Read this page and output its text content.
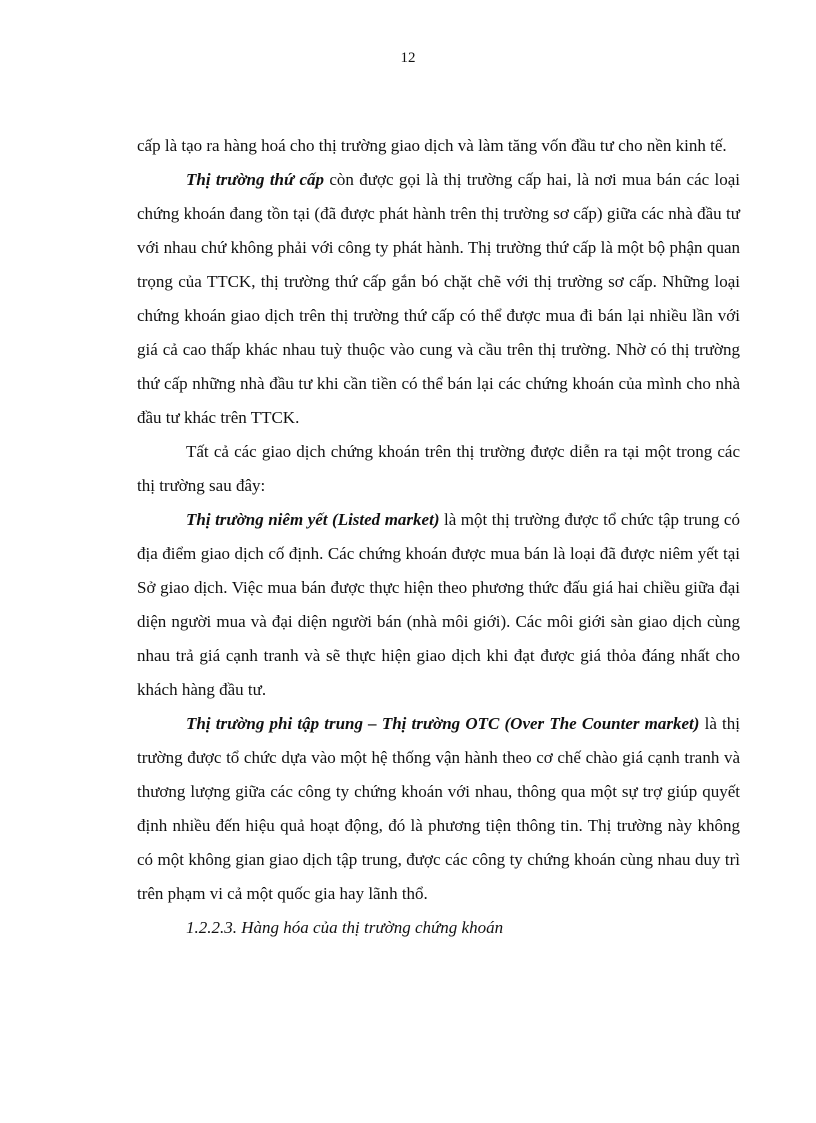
12

cấp là tạo ra hàng hoá cho thị trường giao dịch và làm tăng vốn đầu tư cho nền kinh tế.

Thị trường thứ cấp còn được gọi là thị trường cấp hai, là nơi mua bán các loại chứng khoán đang tồn tại (đã được phát hành trên thị trường sơ cấp) giữa các nhà đầu tư với nhau chứ không phải với công ty phát hành. Thị trường thứ cấp là một bộ phận quan trọng của TTCK, thị trường thứ cấp gắn bó chặt chẽ với thị trường sơ cấp. Những loại chứng khoán giao dịch trên thị trường thứ cấp có thể được mua đi bán lại nhiều lần với giá cả cao thấp khác nhau tuỳ thuộc vào cung và cầu trên thị trường. Nhờ có thị trường thứ cấp những nhà đầu tư khi cần tiền có thể bán lại các chứng khoán của mình cho nhà đầu tư khác trên TTCK.

Tất cả các giao dịch chứng khoán trên thị trường được diễn ra tại một trong các thị trường sau đây:

Thị trường niêm yết (Listed market) là một thị trường được tổ chức tập trung có địa điểm giao dịch cố định. Các chứng khoán được mua bán là loại đã được niêm yết tại Sở giao dịch. Việc mua bán được thực hiện theo phương thức đấu giá hai chiều giữa đại diện người mua và đại diện người bán (nhà môi giới). Các môi giới sàn giao dịch cùng nhau trả giá cạnh tranh và sẽ thực hiện giao dịch khi đạt được giá thỏa đáng nhất cho khách hàng đầu tư.

Thị trường phi tập trung – Thị trường OTC (Over The Counter market) là thị trường được tổ chức dựa vào một hệ thống vận hành theo cơ chế chào giá cạnh tranh và thương lượng giữa các công ty chứng khoán với nhau, thông qua một sự trợ giúp quyết định nhiều đến hiệu quả hoạt động, đó là phương tiện thông tin. Thị trường này không có một không gian giao dịch tập trung, được các công ty chứng khoán cùng nhau duy trì trên phạm vi cả một quốc gia hay lãnh thổ.

1.2.2.3. Hàng hóa của thị trường chứng khoán
